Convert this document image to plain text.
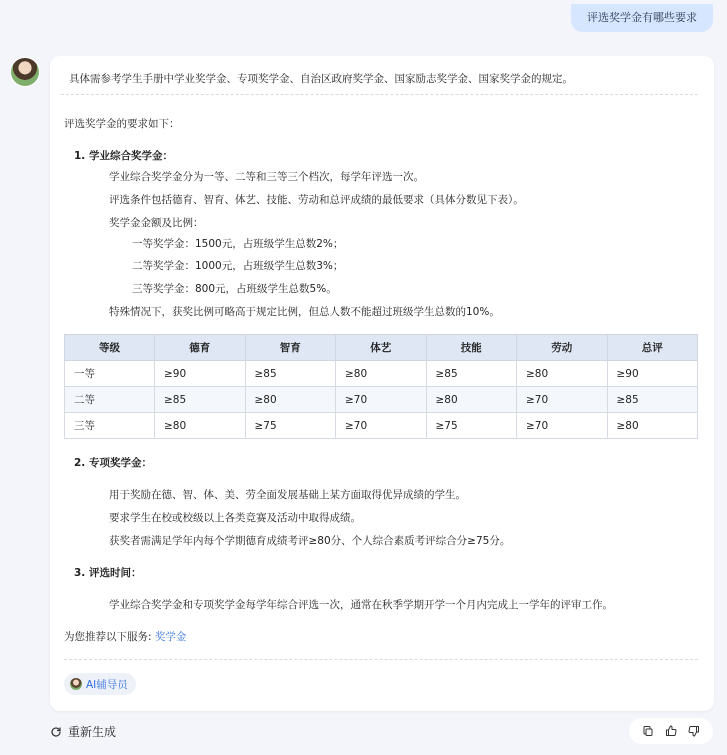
评选奖学金有哪些要求
具体需参考学生手册中学业奖学金、专项奖学金、自治区政府奖学金、国家励志奖学金、国家奖学金的规定。
评选奖学金的要求如下：
1. 学业综合奖学金：
学业综合奖学金分为一等、二等和三等三个档次，每学年评选一次。
评选条件包括德育、智育、体艺、技能、劳动和总评成绩的最低要求（具体分数见下表）。
奖学金金额及比例：
一等奖学金：1500元，占班级学生总数2%；
二等奖学金：1000元，占班级学生总数3%；
三等奖学金：800元，占班级学生总数5%。
特殊情况下，获奖比例可略高于规定比例，但总人数不能超过班级学生总数的10%。
等级	德育	智育	体艺	技能	劳动	总评
一等	≥90	≥85	≥80	≥85	≥80	≥90
二等	≥85	≥80	≥70	≥80	≥70	≥85
三等	≥80	≥75	≥70	≥75	≥70	≥80
2. 专项奖学金：
用于奖励在德、智、体、美、劳全面发展基础上某方面取得优异成绩的学生。
要求学生在校或校级以上各类竞赛及活动中取得成绩。
获奖者需满足学年内每个学期德育成绩考评≥80分、个人综合素质考评综合分≥75分。
3. 评选时间：
学业综合奖学金和专项奖学金每学年综合评选一次，通常在秋季学期开学一个月内完成上一学年的评审工作。
为您推荐以下服务: 奖学金
AI辅导员
重新生成
